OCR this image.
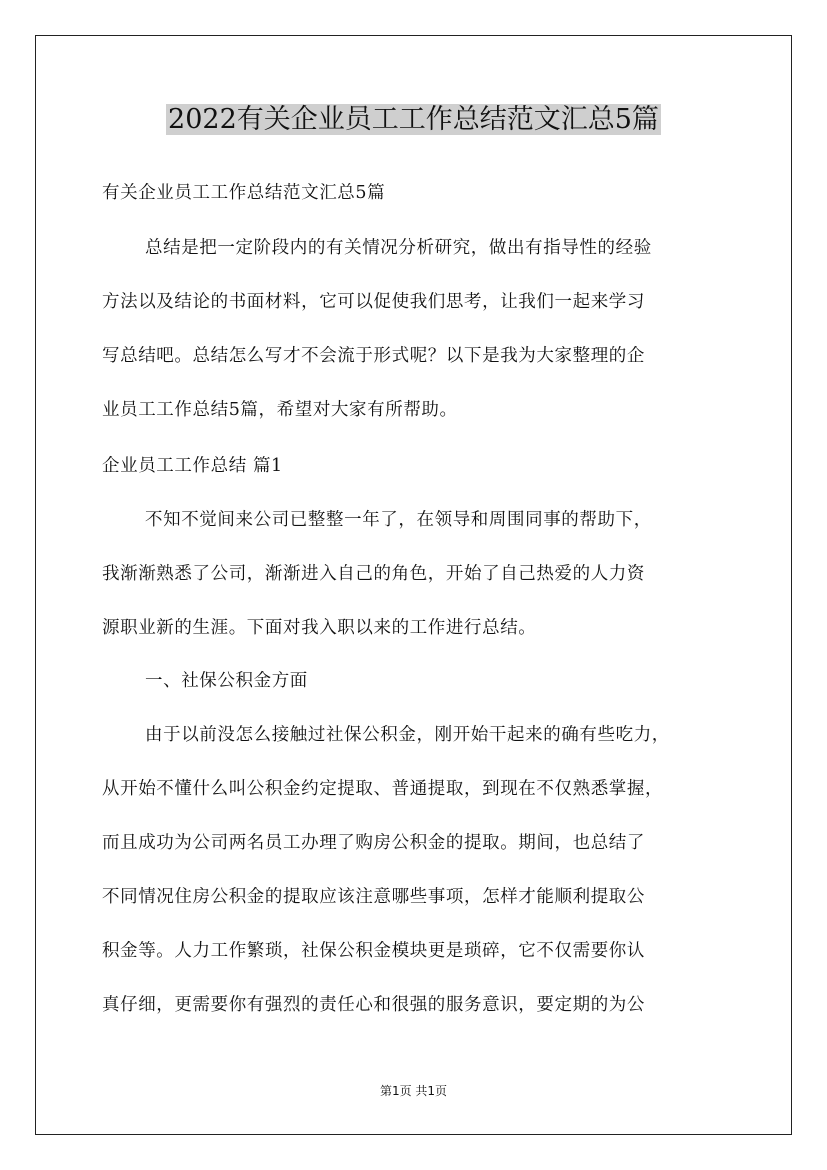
2022有关企业员工工作总结范文汇总5篇
有关企业员工工作总结范文汇总5篇
总结是把一定阶段内的有关情况分析研究，做出有指导性的经验
方法以及结论的书面材料，它可以促使我们思考，让我们一起来学习
写总结吧。总结怎么写才不会流于形式呢？以下是我为大家整理的企
业员工工作总结5篇，希望对大家有所帮助。
企业员工工作总结 篇1
不知不觉间来公司已整整一年了，在领导和周围同事的帮助下，
我渐渐熟悉了公司，渐渐进入自己的角色，开始了自己热爱的人力资
源职业新的生涯。下面对我入职以来的工作进行总结。
一、社保公积金方面
由于以前没怎么接触过社保公积金，刚开始干起来的确有些吃力，
从开始不懂什么叫公积金约定提取、普通提取，到现在不仅熟悉掌握，
而且成功为公司两名员工办理了购房公积金的提取。期间，也总结了
不同情况住房公积金的提取应该注意哪些事项，怎样才能顺利提取公
积金等。人力工作繁琐，社保公积金模块更是琐碎，它不仅需要你认
真仔细，更需要你有强烈的责任心和很强的服务意识，要定期的为公
第1页 共1页
